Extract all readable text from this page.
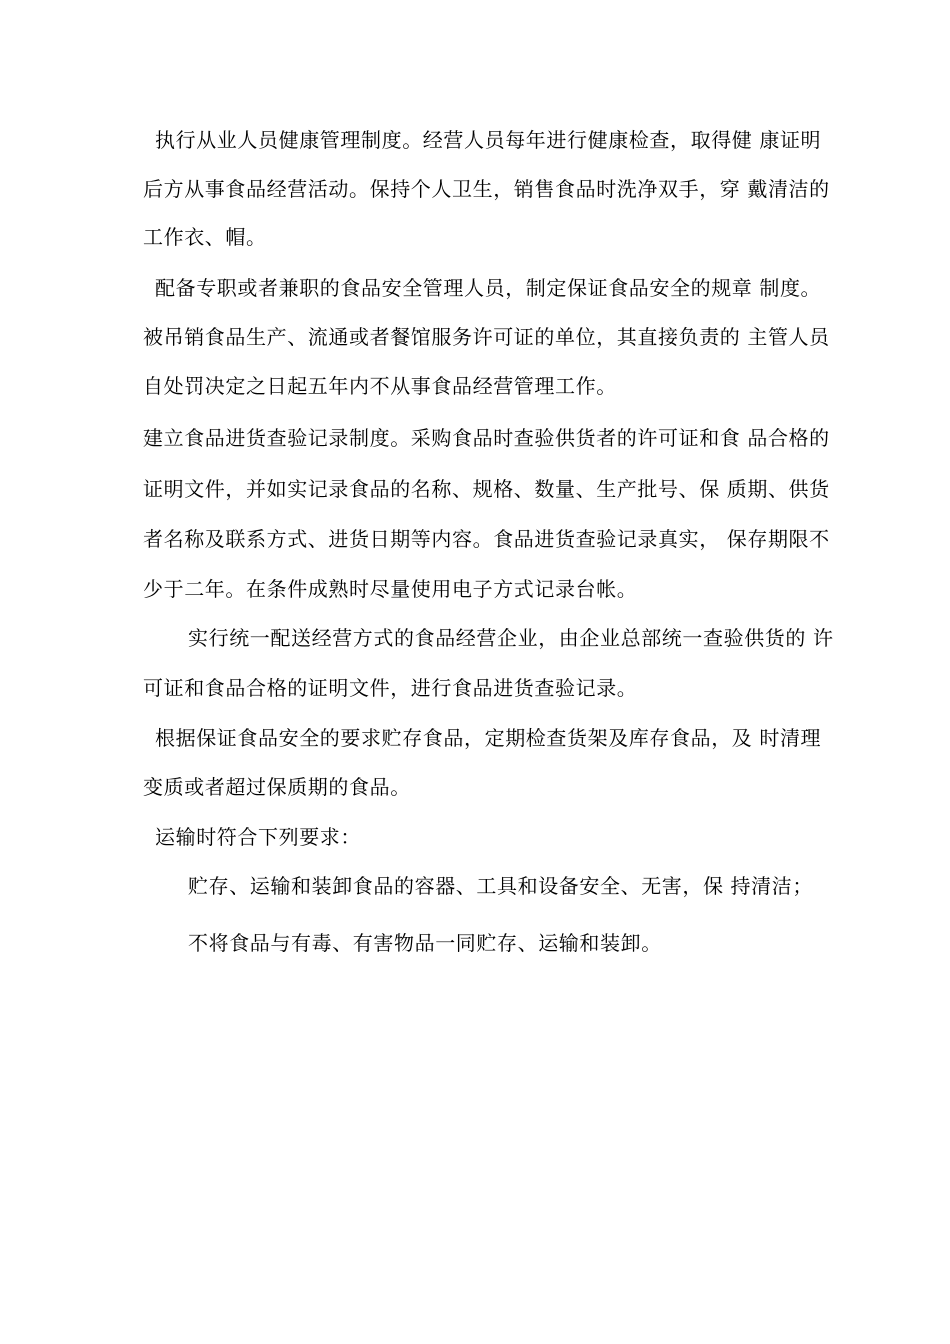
执行从业人员健康管理制度。经营人员每年进行健康检查，取得健 康证明
后方从事食品经营活动。保持个人卫生，销售食品时洗净双手，穿 戴清洁的
工作衣、帽。
配备专职或者兼职的食品安全管理人员，制定保证食品安全的规章 制度。
被吊销食品生产、流通或者餐馆服务许可证的单位，其直接负责的 主管人员
自处罚决定之日起五年内不从事食品经营管理工作。
建立食品进货查验记录制度。采购食品时查验供货者的许可证和食 品合格的
证明文件，并如实记录食品的名称、规格、数量、生产批号、保 质期、供货
者名称及联系方式、进货日期等内容。食品进货查验记录真实， 保存期限不
少于二年。在条件成熟时尽量使用电子方式记录台帐。
实行统一配送经营方式的食品经营企业，由企业总部统一查验供货的 许
可证和食品合格的证明文件，进行食品进货查验记录。
根据保证食品安全的要求贮存食品，定期检查货架及库存食品，及 时清理
变质或者超过保质期的食品。
运输时符合下列要求：
贮存、运输和装卸食品的容器、工具和设备安全、无害，保 持清洁；
不将食品与有毒、有害物品一同贮存、运输和装卸。
